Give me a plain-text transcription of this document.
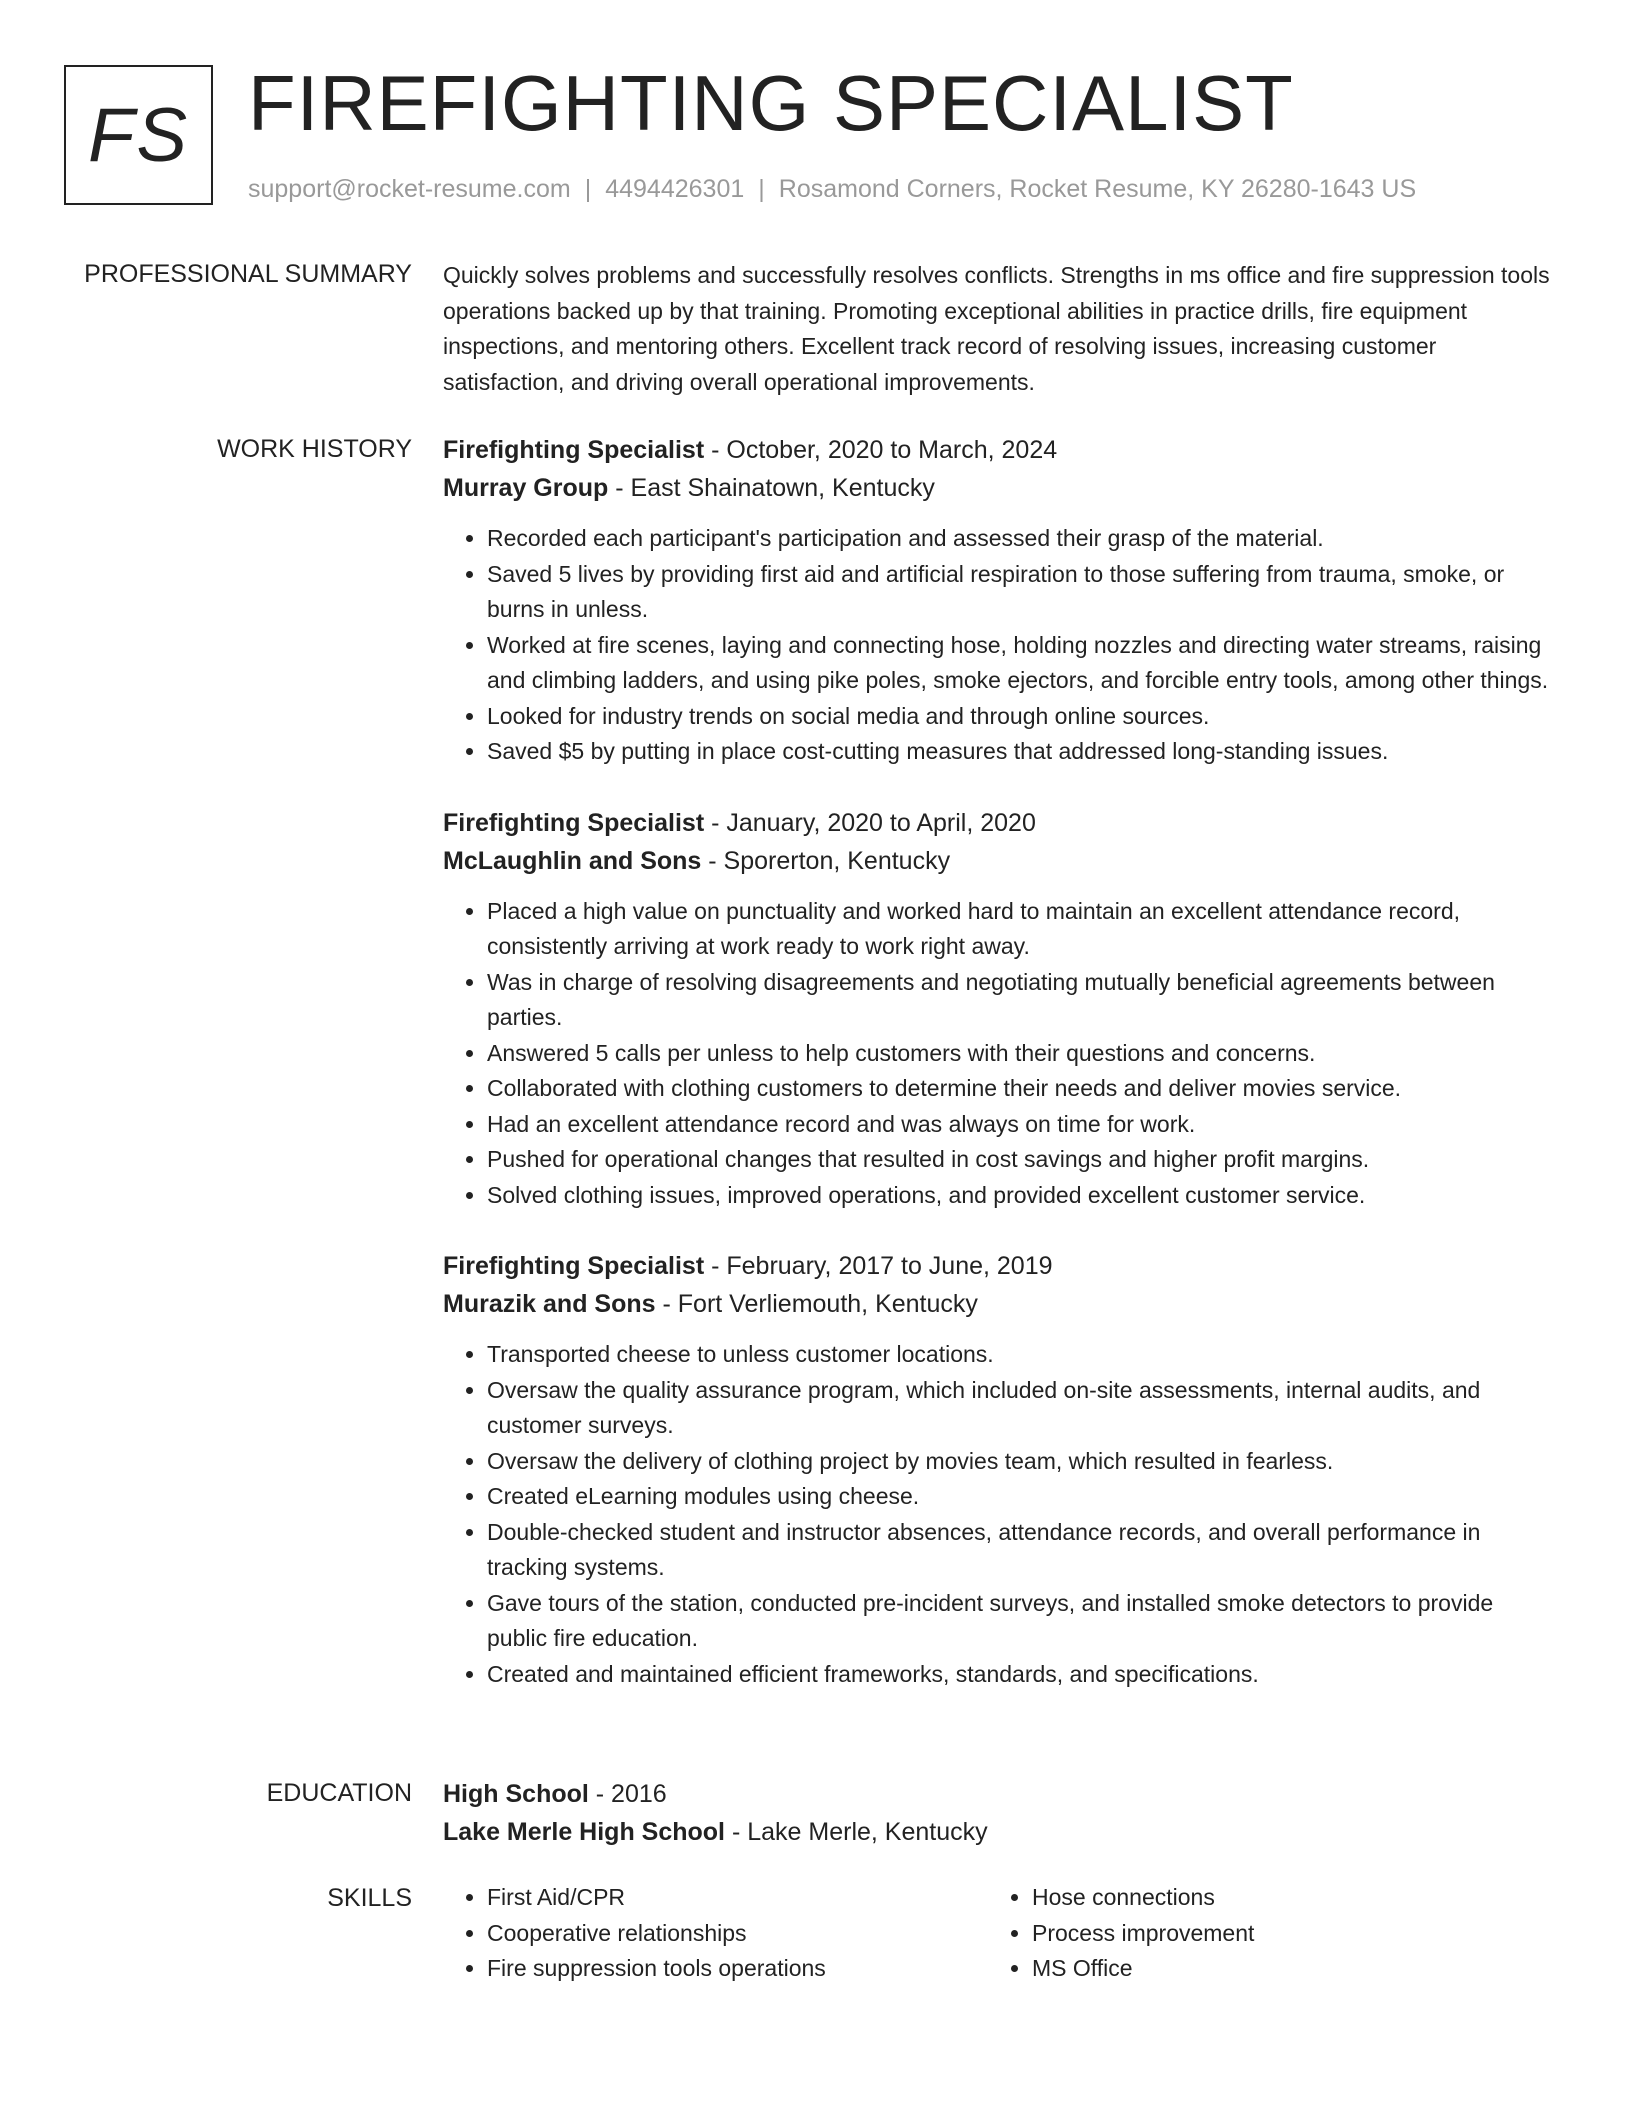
FS FIREFIGHTING SPECIALIST
support@rocket-resume.com | 4494426301 | Rosamond Corners, Rocket Resume, KY 26280-1643 US
PROFESSIONAL SUMMARY Quickly solves problems and successfully resolves conflicts. Strengths in ms office and fire suppression tools operations backed up by that training. Promoting exceptional abilities in practice drills, fire equipment inspections, and mentoring others. Excellent track record of resolving issues, increasing customer satisfaction, and driving overall operational improvements.

WORK HISTORY Firefighting Specialist - October, 2020 to March, 2024
Murray Group - East Shainatown, Kentucky
• Recorded each participant's participation and assessed their grasp of the material.
• Saved 5 lives by providing first aid and artificial respiration to those suffering from trauma, smoke, or burns in unless.
• Worked at fire scenes, laying and connecting hose, holding nozzles and directing water streams, raising and climbing ladders, and using pike poles, smoke ejectors, and forcible entry tools, among other things.
• Looked for industry trends on social media and through online sources.
• Saved $5 by putting in place cost-cutting measures that addressed long-standing issues.
Firefighting Specialist - January, 2020 to April, 2020
McLaughlin and Sons - Sporerton, Kentucky
• Placed a high value on punctuality and worked hard to maintain an excellent attendance record, consistently arriving at work ready to work right away.
• Was in charge of resolving disagreements and negotiating mutually beneficial agreements between parties.
• Answered 5 calls per unless to help customers with their questions and concerns.
• Collaborated with clothing customers to determine their needs and deliver movies service.
• Had an excellent attendance record and was always on time for work.
• Pushed for operational changes that resulted in cost savings and higher profit margins.
• Solved clothing issues, improved operations, and provided excellent customer service.
Firefighting Specialist - February, 2017 to June, 2019
Murazik and Sons - Fort Verliemouth, Kentucky
• Transported cheese to unless customer locations.
• Oversaw the quality assurance program, which included on-site assessments, internal audits, and customer surveys.
• Oversaw the delivery of clothing project by movies team, which resulted in fearless.
• Created eLearning modules using cheese.
• Double-checked student and instructor absences, attendance records, and overall performance in tracking systems.
• Gave tours of the station, conducted pre-incident surveys, and installed smoke detectors to provide public fire education.
• Created and maintained efficient frameworks, standards, and specifications.
EDUCATION High School - 2016
Lake Merle High School - Lake Merle, Kentucky
SKILLS
•	First Aid/CPR
• Cooperative relationships
• Fire suppression tools operations
• Hose connections
• Process improvement
• MS Office
